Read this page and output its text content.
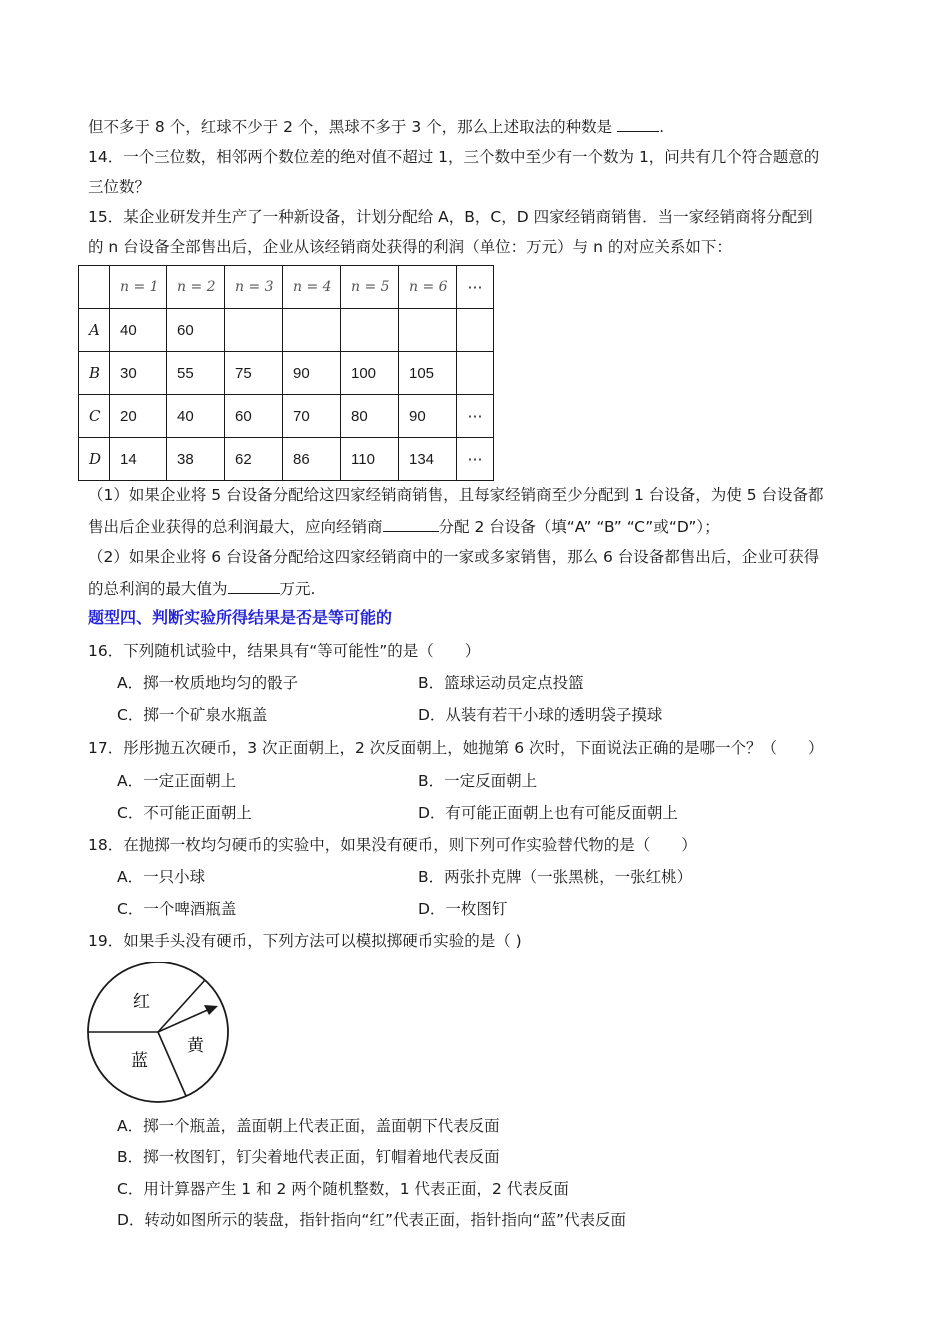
但不多于 8 个，红球不少于 2 个，黑球不多于 3 个，那么上述取法的种数是	.
14．一个三位数，相邻两个数位差的绝对值不超过 1，三个数中至少有一个数为 1，问共有几个符合题意的
三位数？
15．某企业研发并生产了一种新设备，计划分配给 A，B，C，D 四家经销商销售．当一家经销商将分配到
的 n 台设备全部售出后，企业从该经销商处获得的利润（单位：万元）与 n 的对应关系如下：
	n = 1	n = 2	n = 3	n = 4	n = 5	n = 6	⋯
A	40	60					
B	30	55	75	90	100	105	
C	20	40	60	70	80	90	⋯
D	14	38	62	86	110	134	⋯
（1）如果企业将 5 台设备分配给这四家经销商销售，且每家经销商至少分配到 1 台设备，为使 5 台设备都
售出后企业获得的总利润最大，应向经销商	分配 2 台设备（填“A” “B” “C”或“D”）；
（2）如果企业将 6 台设备分配给这四家经销商中的一家或多家销售，那么 6 台设备都售出后，企业可获得
的总利润的最大值为	万元.
题型四、判断实验所得结果是否是等可能的
16．下列随机试验中，结果具有“等可能性”的是（　　）
A．掷一枚质地均匀的骰子	B．篮球运动员定点投篮
C．掷一个矿泉水瓶盖	D．从装有若干小球的透明袋子摸球
17．彤彤抛五次硬币，3 次正面朝上，2 次反面朝上，她抛第 6 次时，下面说法正确的是哪一个？（　　）
A．一定正面朝上	B．一定反面朝上
C．不可能正面朝上	D．有可能正面朝上也有可能反面朝上
18．在抛掷一枚均匀硬币的实验中，如果没有硬币，则下列可作实验替代物的是（　　）
A．一只小球	B．两张扑克牌（一张黑桃，一张红桃）
C．一个啤酒瓶盖	D．一枚图钉
19．如果手头没有硬币，下列方法可以模拟掷硬币实验的是（ )
红
黄
蓝
A．掷一个瓶盖，盖面朝上代表正面，盖面朝下代表反面
B．掷一枚图钉，钉尖着地代表正面，钉帽着地代表反面
C．用计算器产生 1 和 2 两个随机整数，1 代表正面，2 代表反面
D．转动如图所示的装盘，指针指向“红”代表正面，指针指向“蓝”代表反面
